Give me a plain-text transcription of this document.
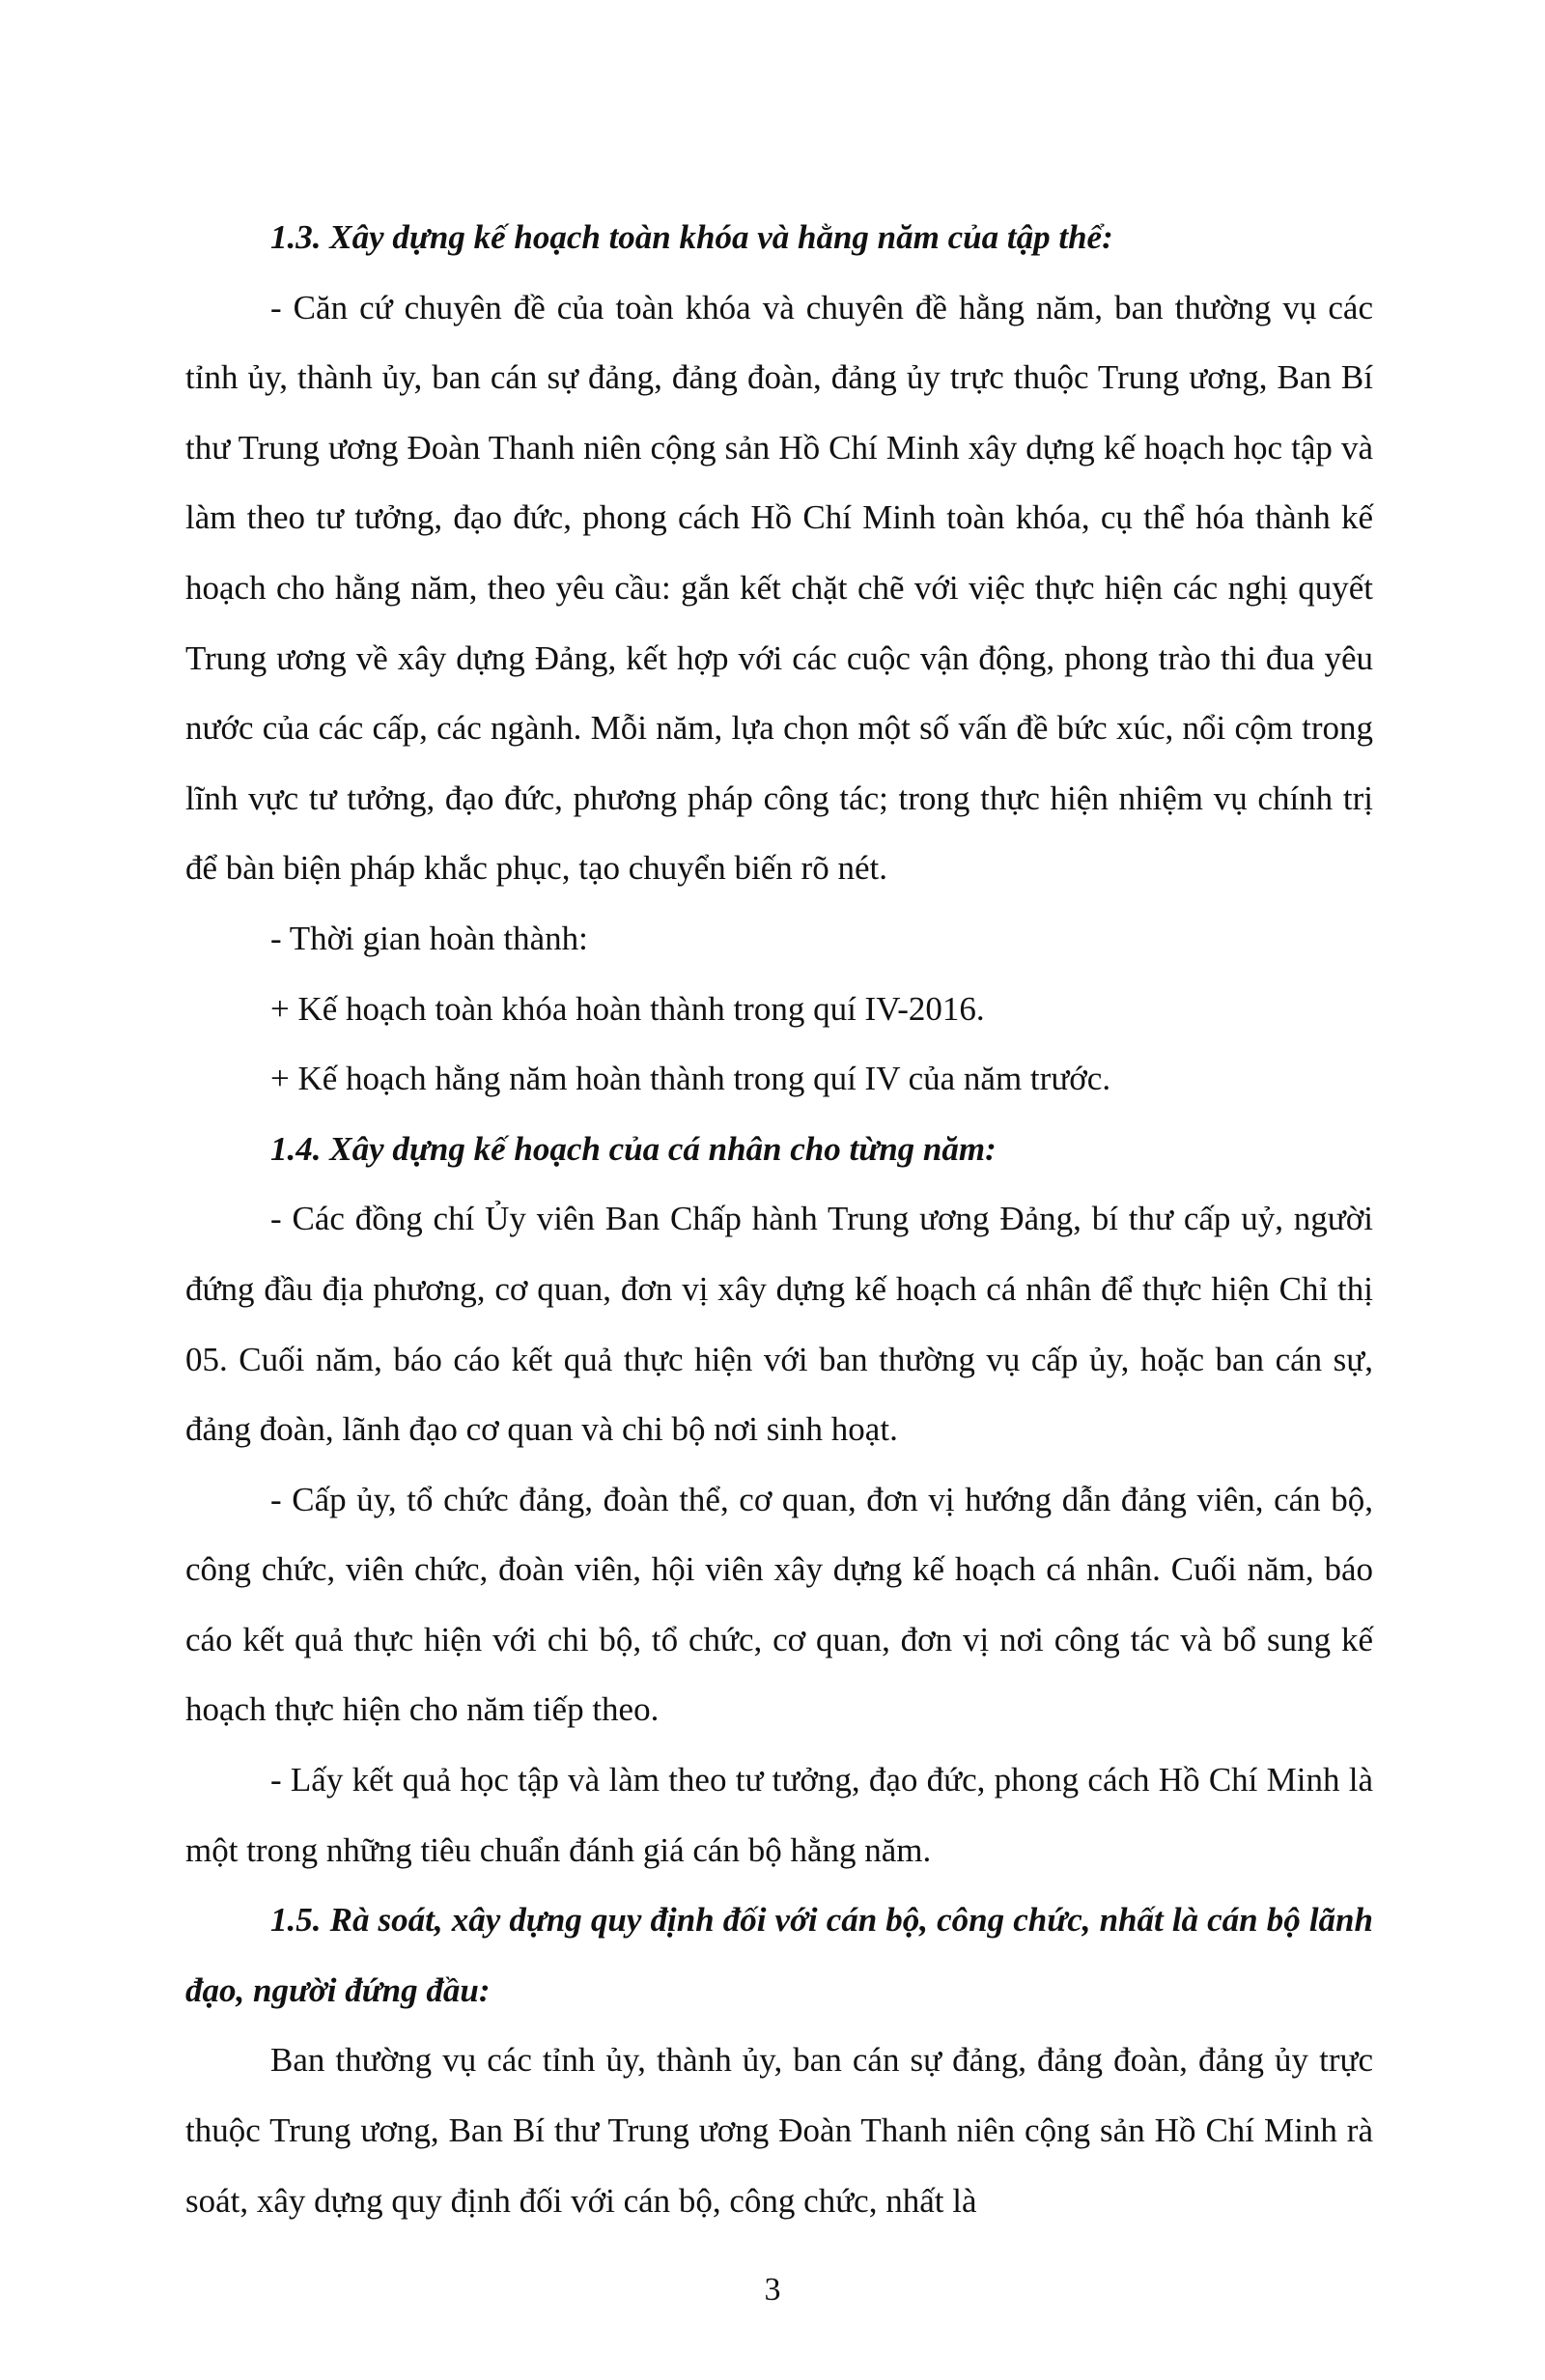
1.3. Xây dựng kế hoạch toàn khóa và hằng năm của tập thể:

- Căn cứ chuyên đề của toàn khóa và chuyên đề hằng năm, ban thường vụ các tỉnh ủy, thành ủy, ban cán sự đảng, đảng đoàn, đảng ủy trực thuộc Trung ương, Ban Bí thư Trung ương Đoàn Thanh niên cộng sản Hồ Chí Minh xây dựng kế hoạch học tập và làm theo tư tưởng, đạo đức, phong cách Hồ Chí Minh toàn khóa, cụ thể hóa thành kế hoạch cho hằng năm, theo yêu cầu: gắn kết chặt chẽ với việc thực hiện các nghị quyết Trung ương về xây dựng Đảng, kết hợp với các cuộc vận động, phong trào thi đua yêu nước của các cấp, các ngành. Mỗi năm, lựa chọn một số vấn đề bức xúc, nổi cộm trong lĩnh vực tư tưởng, đạo đức, phương pháp công tác; trong thực hiện nhiệm vụ chính trị để bàn biện pháp khắc phục, tạo chuyển biến rõ nét.

- Thời gian hoàn thành:

+ Kế hoạch toàn khóa hoàn thành trong quí IV-2016.

+ Kế hoạch hằng năm hoàn thành trong quí IV của năm trước.

1.4. Xây dựng kế hoạch của cá nhân cho từng năm:

- Các đồng chí Ủy viên Ban Chấp hành Trung ương Đảng, bí thư cấp uỷ, người đứng đầu địa phương, cơ quan, đơn vị xây dựng kế hoạch cá nhân để thực hiện Chỉ thị 05. Cuối năm, báo cáo kết quả thực hiện với ban thường vụ cấp ủy, hoặc ban cán sự, đảng đoàn, lãnh đạo cơ quan và chi bộ nơi sinh hoạt.

- Cấp ủy, tổ chức đảng, đoàn thể, cơ quan, đơn vị hướng dẫn đảng viên, cán bộ, công chức, viên chức, đoàn viên, hội viên xây dựng kế hoạch cá nhân. Cuối năm, báo cáo kết quả thực hiện với chi bộ, tổ chức, cơ quan, đơn vị nơi công tác và bổ sung kế hoạch thực hiện cho năm tiếp theo.

- Lấy kết quả học tập và làm theo tư tưởng, đạo đức, phong cách Hồ Chí Minh là một trong những tiêu chuẩn đánh giá cán bộ hằng năm.

1.5. Rà soát, xây dựng quy định đối với cán bộ, công chức, nhất là cán bộ lãnh đạo, người đứng đầu:

Ban thường vụ các tỉnh ủy, thành ủy, ban cán sự đảng, đảng đoàn, đảng ủy trực thuộc Trung ương, Ban Bí thư Trung ương Đoàn Thanh niên cộng sản Hồ Chí Minh rà soát, xây dựng quy định đối với cán bộ, công chức, nhất là

3
